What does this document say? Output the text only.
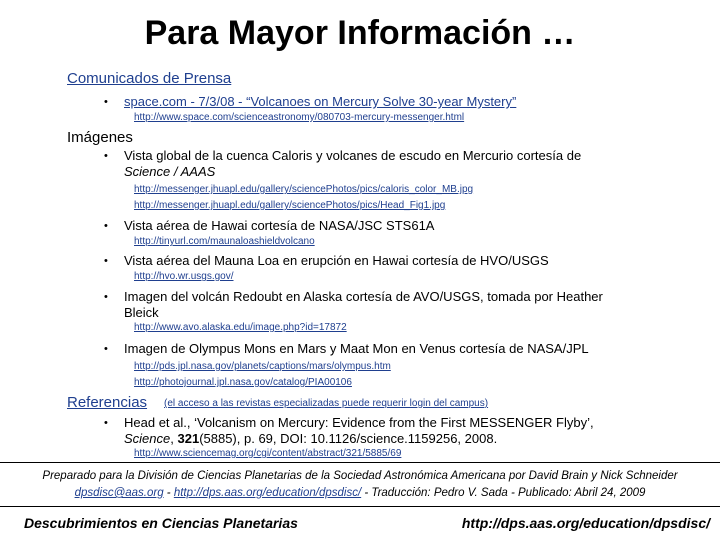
Para Mayor Información …
Comunicados de Prensa
• space.com - 7/3/08 - “Volcanoes on Mercury Solve 30-year Mystery”
http://www.space.com/scienceastronomy/080703-mercury-messenger.html
Imágenes
• Vista global de la cuenca Caloris y volcanes de escudo en Mercurio cortesía de
Science / AAAS
http://messenger.jhuapl.edu/gallery/sciencePhotos/pics/caloris_color_MB.jpg
http://messenger.jhuapl.edu/gallery/sciencePhotos/pics/Head_Fig1.jpg
• Vista aérea de Hawai cortesía de NASA/JSC STS61A
http://tinyurl.com/maunaloashieldvolcano
• Vista aérea del Mauna Loa en erupción en Hawai cortesía de HVO/USGS
http://hvo.wr.usgs.gov/
• Imagen del volcán Redoubt en Alaska cortesía de AVO/USGS, tomada por Heather
Bleick
http://www.avo.alaska.edu/image.php?id=17872
• Imagen de Olympus Mons en Mars y Maat Mon en Venus cortesía de NASA/JPL
http://pds.jpl.nasa.gov/planets/captions/mars/olympus.htm
http://photojournal.jpl.nasa.gov/catalog/PIA00106
Referencias (el acceso a las revistas especializadas puede requerir login del campus)
• Head et al., ‘Volcanism on Mercury: Evidence from the First MESSENGER Flyby’,
Science, 321(5885), p. 69, DOI: 10.1126/science.1159256, 2008.
http://www.sciencemag.org/cgi/content/abstract/321/5885/69
Preparado para la División de Ciencias Planetarias de la Sociedad Astronómica Americana por David Brain y Nick Schneider
dpsdisc@aas.org - http://dps.aas.org/education/dpsdisc/ - Traducción: Pedro V. Sada - Publicado: Abril 24, 2009
Descubrimientos en Ciencias Planetarias	http://dps.aas.org/education/dpsdisc/
